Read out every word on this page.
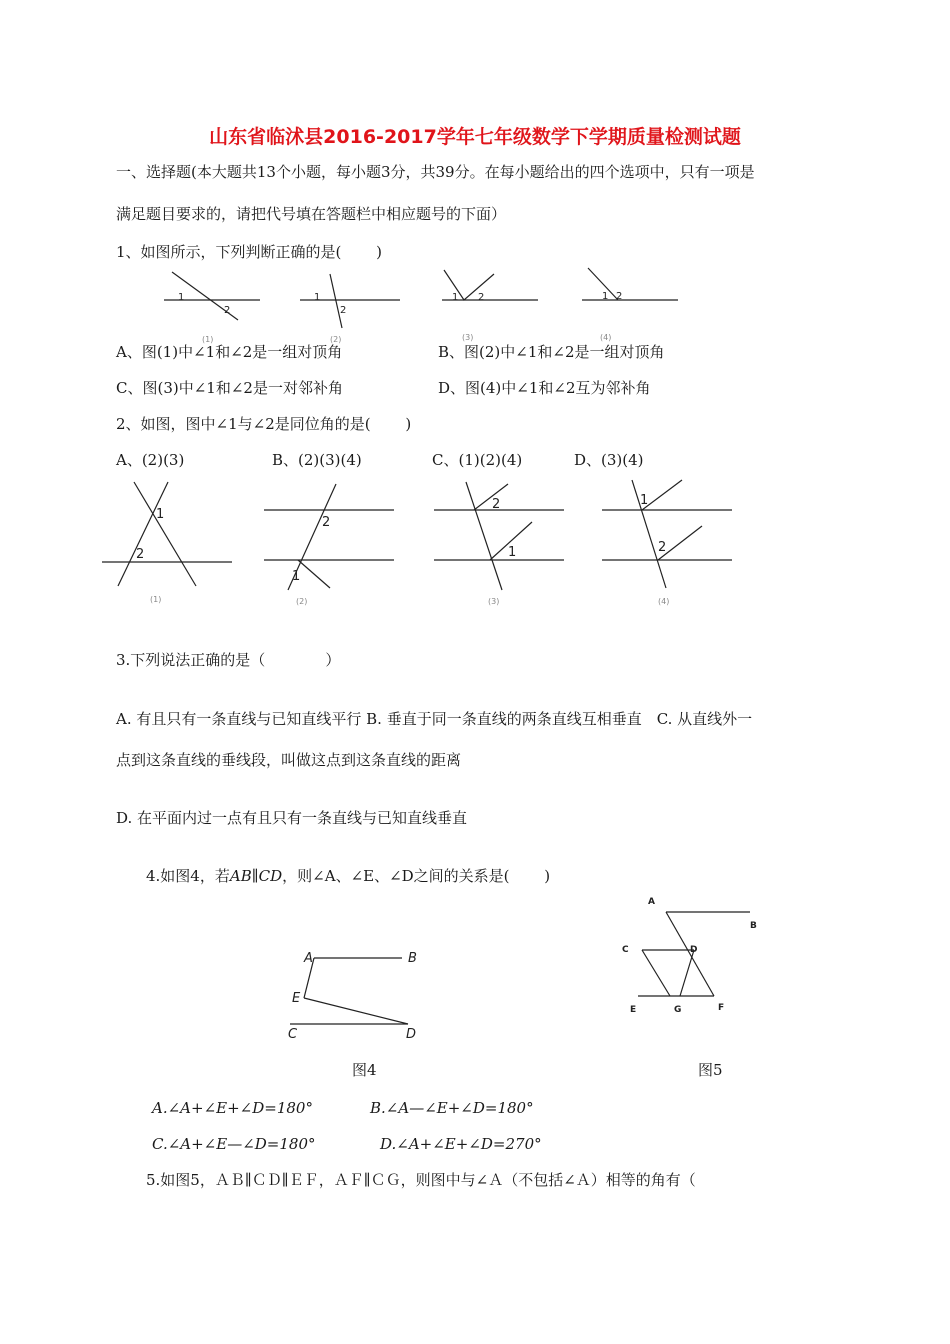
山东省临沭县2016-2017学年七年级数学下学期质量检测试题
一、选择题(本大题共13个小题，每小题3分，共39分。在每小题给出的四个选项中，只有一项是
满足题目要求的，请把代号填在答题栏中相应题号的下面）
1、如图所示，下列判断正确的是(　　 )
1
2
(1)
1
2
(2)
1 2
(3)
1 2
(4)
A、图(1)中∠1和∠2是一组对顶角	B、图(2)中∠1和∠2是一组对顶角
C、图(3)中∠1和∠2是一对邻补角	D、图(4)中∠1和∠2互为邻补角
2、如图，图中∠1与∠2是同位角的是(　　 )
A、(2)(3)	B、(2)(3)(4)	C、(1)(2)(4)	D、(3)(4)
1
2
(1)
2
1
(2)
2
1
(3)
1
2
(4)
3.下列说法正确的是（　　　　）
A. 有且只有一条直线与已知直线平行 B. 垂直于同一条直线的两条直线互相垂直　C. 从直线外一
点到这条直线的垂线段，叫做这点到这条直线的距离
D. 在平面内过一点有且只有一条直线与已知直线垂直
4.如图4，若AB∥CD，则∠A、∠E、∠D之间的关系是(　　 )
A	B
E
C	D
A
B
C	D
E	G	F
图4	图5
A.∠A+∠E+∠D=180°	B.∠A—∠E+∠D=180°
C.∠A+∠E—∠D=180°	D.∠A+∠E+∠D=270°
5.如图5，ＡＢ∥ＣＤ∥ＥＦ，ＡＦ∥ＣＧ，则图中与∠Ａ（不包括∠Ａ）相等的角有（
